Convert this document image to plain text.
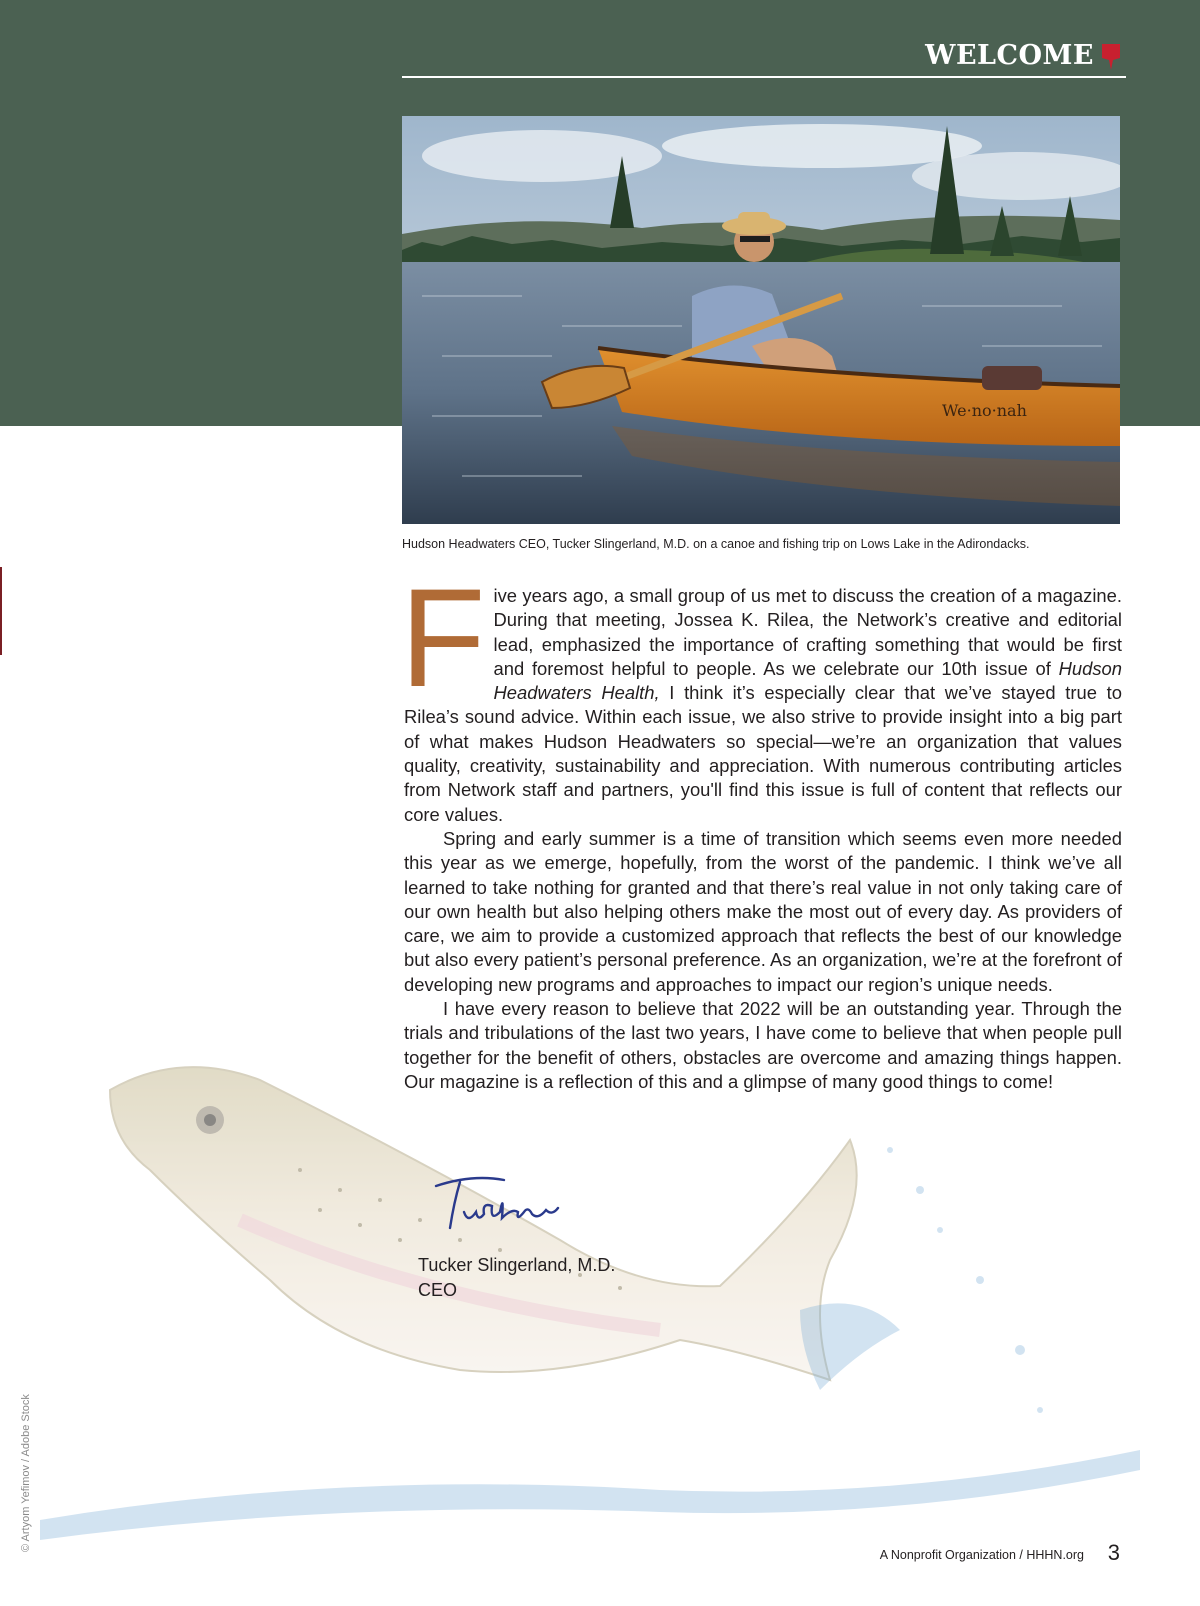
WELCOME
We·no·nah
Hudson Headwaters CEO, Tucker Slingerland, M.D. on a canoe and fishing trip on Lows Lake in the Adirondacks.
F ive years ago, a small group of us met to discuss the creation of a magazine. During that meeting, Jossea K. Rilea, the Network’s creative and editorial lead, emphasized the importance of crafting something that would be first and foremost helpful to people. As we celebrate our 10th issue of Hudson Headwaters Health, I think it’s especially clear that we’ve stayed true to Rilea’s sound advice. Within each issue, we also strive to provide insight into a big part of what makes Hudson Headwaters so special—we’re an organization that values quality, creativity, sustainability and appreciation. With numerous contributing articles from Network staff and partners, you'll find this issue is full of content that reflects our core values.

Spring and early summer is a time of transition which seems even more needed this year as we emerge, hopefully, from the worst of the pandemic. I think we’ve all learned to take nothing for granted and that there’s real value in not only taking care of our own health but also helping others make the most out of every day. As providers of care, we aim to provide a customized approach that reflects the best of our knowledge but also every patient’s personal preference. As an organization, we’re at the forefront of developing new programs and approaches to impact our region’s unique needs.

I have every reason to believe that 2022 will be an outstanding year. Through the trials and tribulations of the last two years, I have come to believe that when people pull together for the benefit of others, obstacles are overcome and amazing things happen. Our magazine is a reflection of this and a glimpse of many good things to come!

Tucker Slingerland, M.D.
CEO
© Artyom Yefimov / Adobe Stock
A Nonprofit Organization / HHHN.org 3
